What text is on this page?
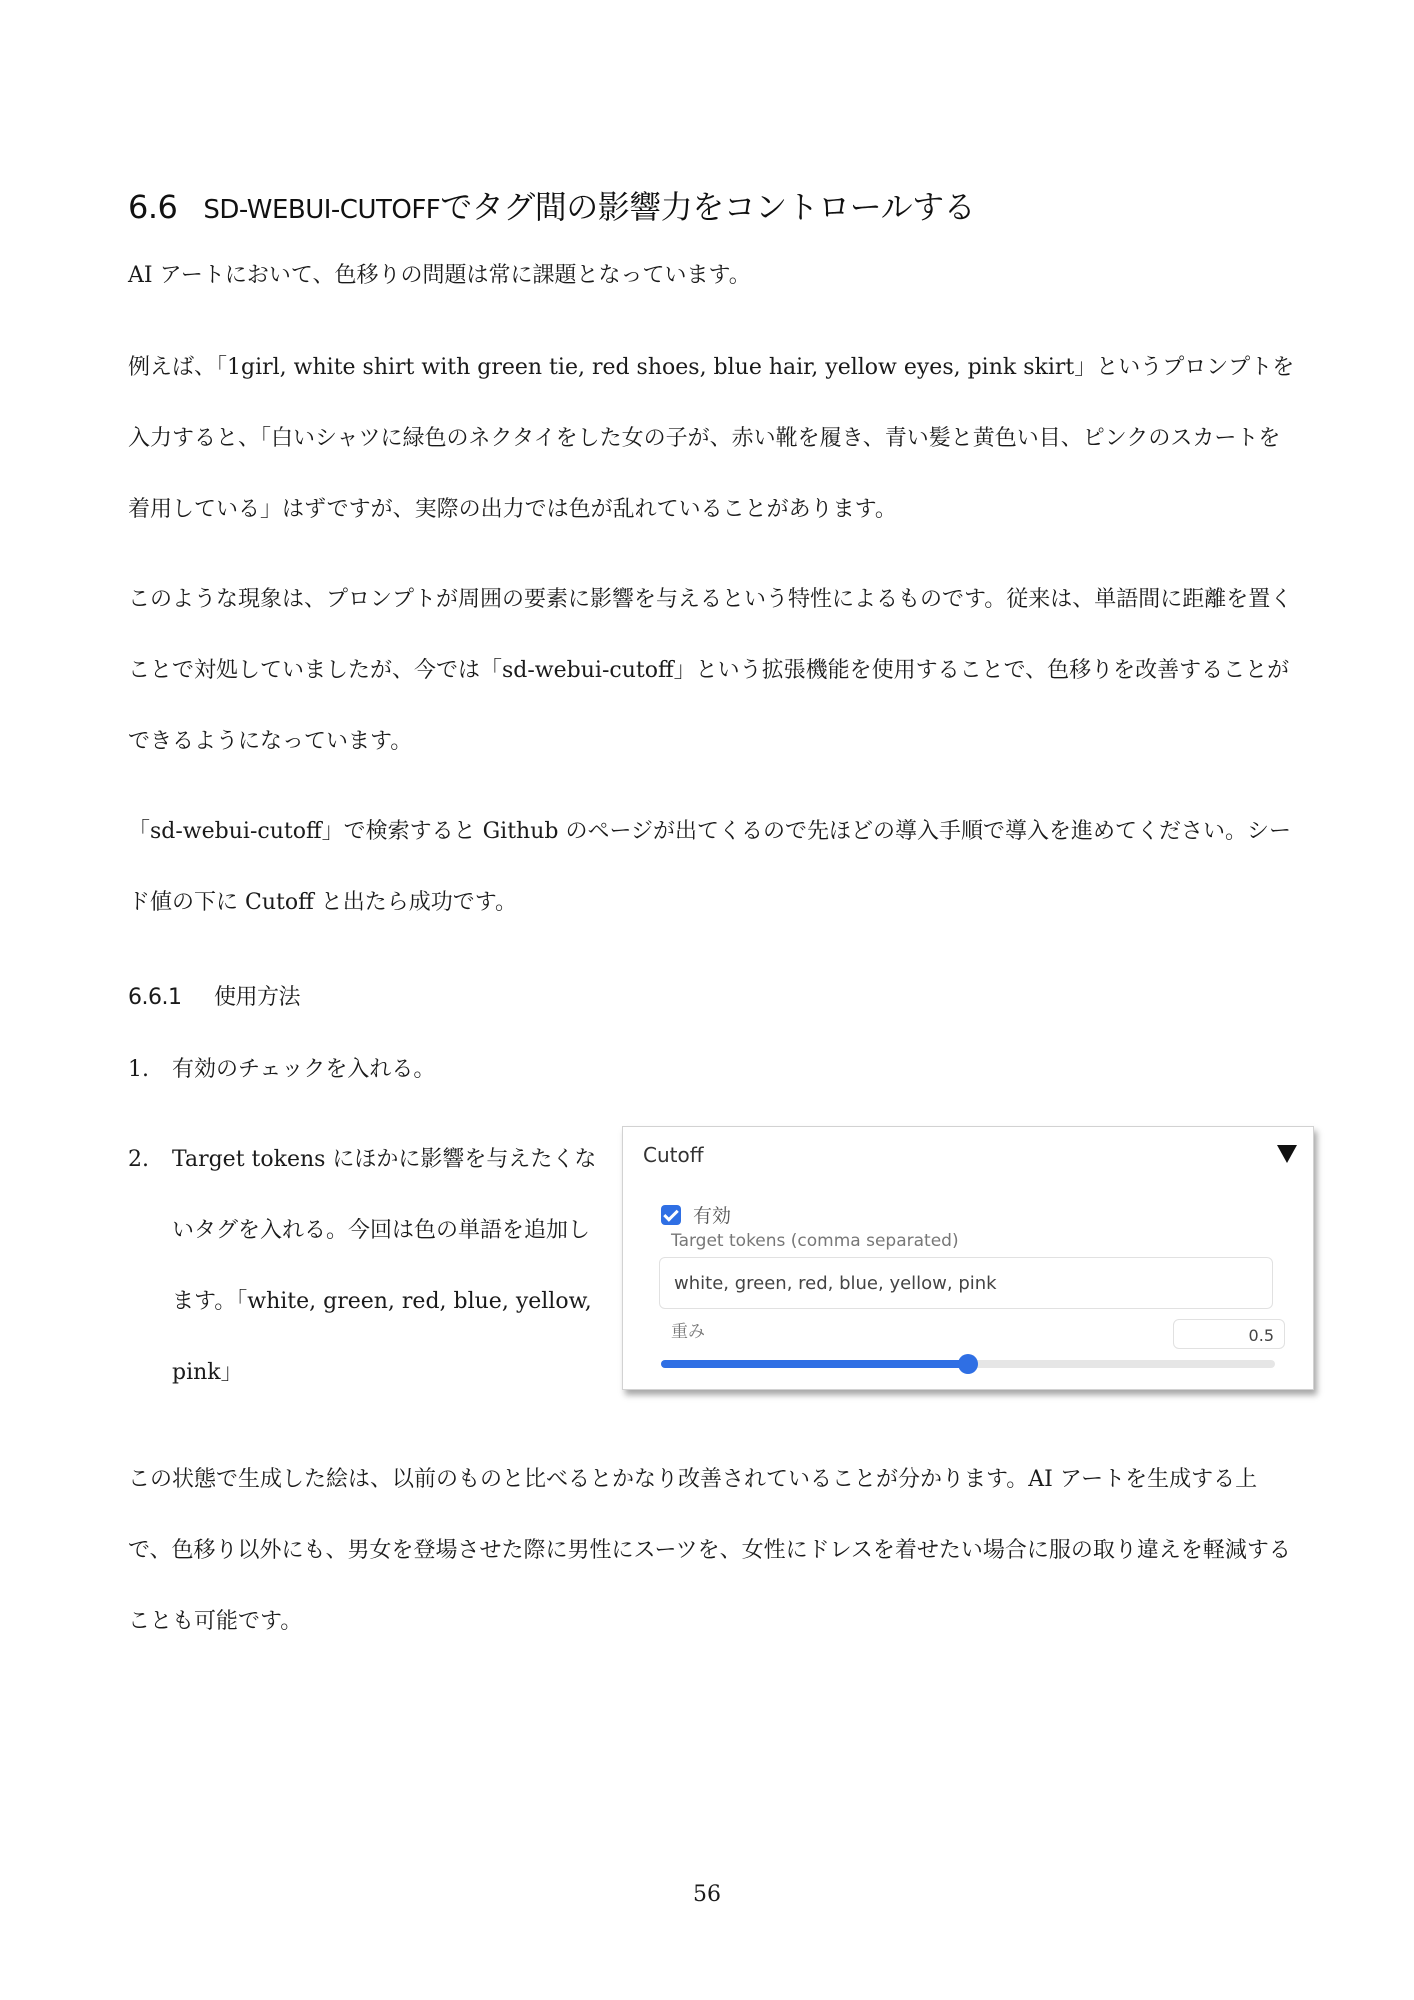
6.6 SD-WEBUI-CUTOFFでタグ間の影響力をコントロールする

AI アートにおいて、色移りの問題は常に課題となっています。

例えば、「1girl, white shirt with green tie, red shoes, blue hair, yellow eyes, pink skirt」というプロンプトを入力すると、「白いシャツに緑色のネクタイをした女の子が、赤い靴を履き、青い髪と黄色い目、ピンクのスカートを着用している」はずですが、実際の出力では色が乱れていることがあります。

このような現象は、プロンプトが周囲の要素に影響を与えるという特性によるものです。従来は、単語間に距離を置くことで対処していましたが、今では「sd-webui-cutoff」という拡張機能を使用することで、色移りを改善することができるようになっています。

「sd-webui-cutoff」で検索すると Github のページが出てくるので先ほどの導入手順で導入を進めてください。シード値の下に Cutoff と出たら成功です。

6.6.1 使用方法
1. 有効のチェックを入れる。
2. Target tokens にほかに影響を与えたくないタグを入れる。今回は色の単語を追加します。「white, green, red, blue, yellow, pink」
Cutoff
有効
Target tokens (comma separated)
white, green, red, blue, yellow, pink
重み	0.5

この状態で生成した絵は、以前のものと比べるとかなり改善されていることが分かります。AI アートを生成する上で、色移り以外にも、男女を登場させた際に男性にスーツを、女性にドレスを着せたい場合に服の取り違えを軽減することも可能です。

56
